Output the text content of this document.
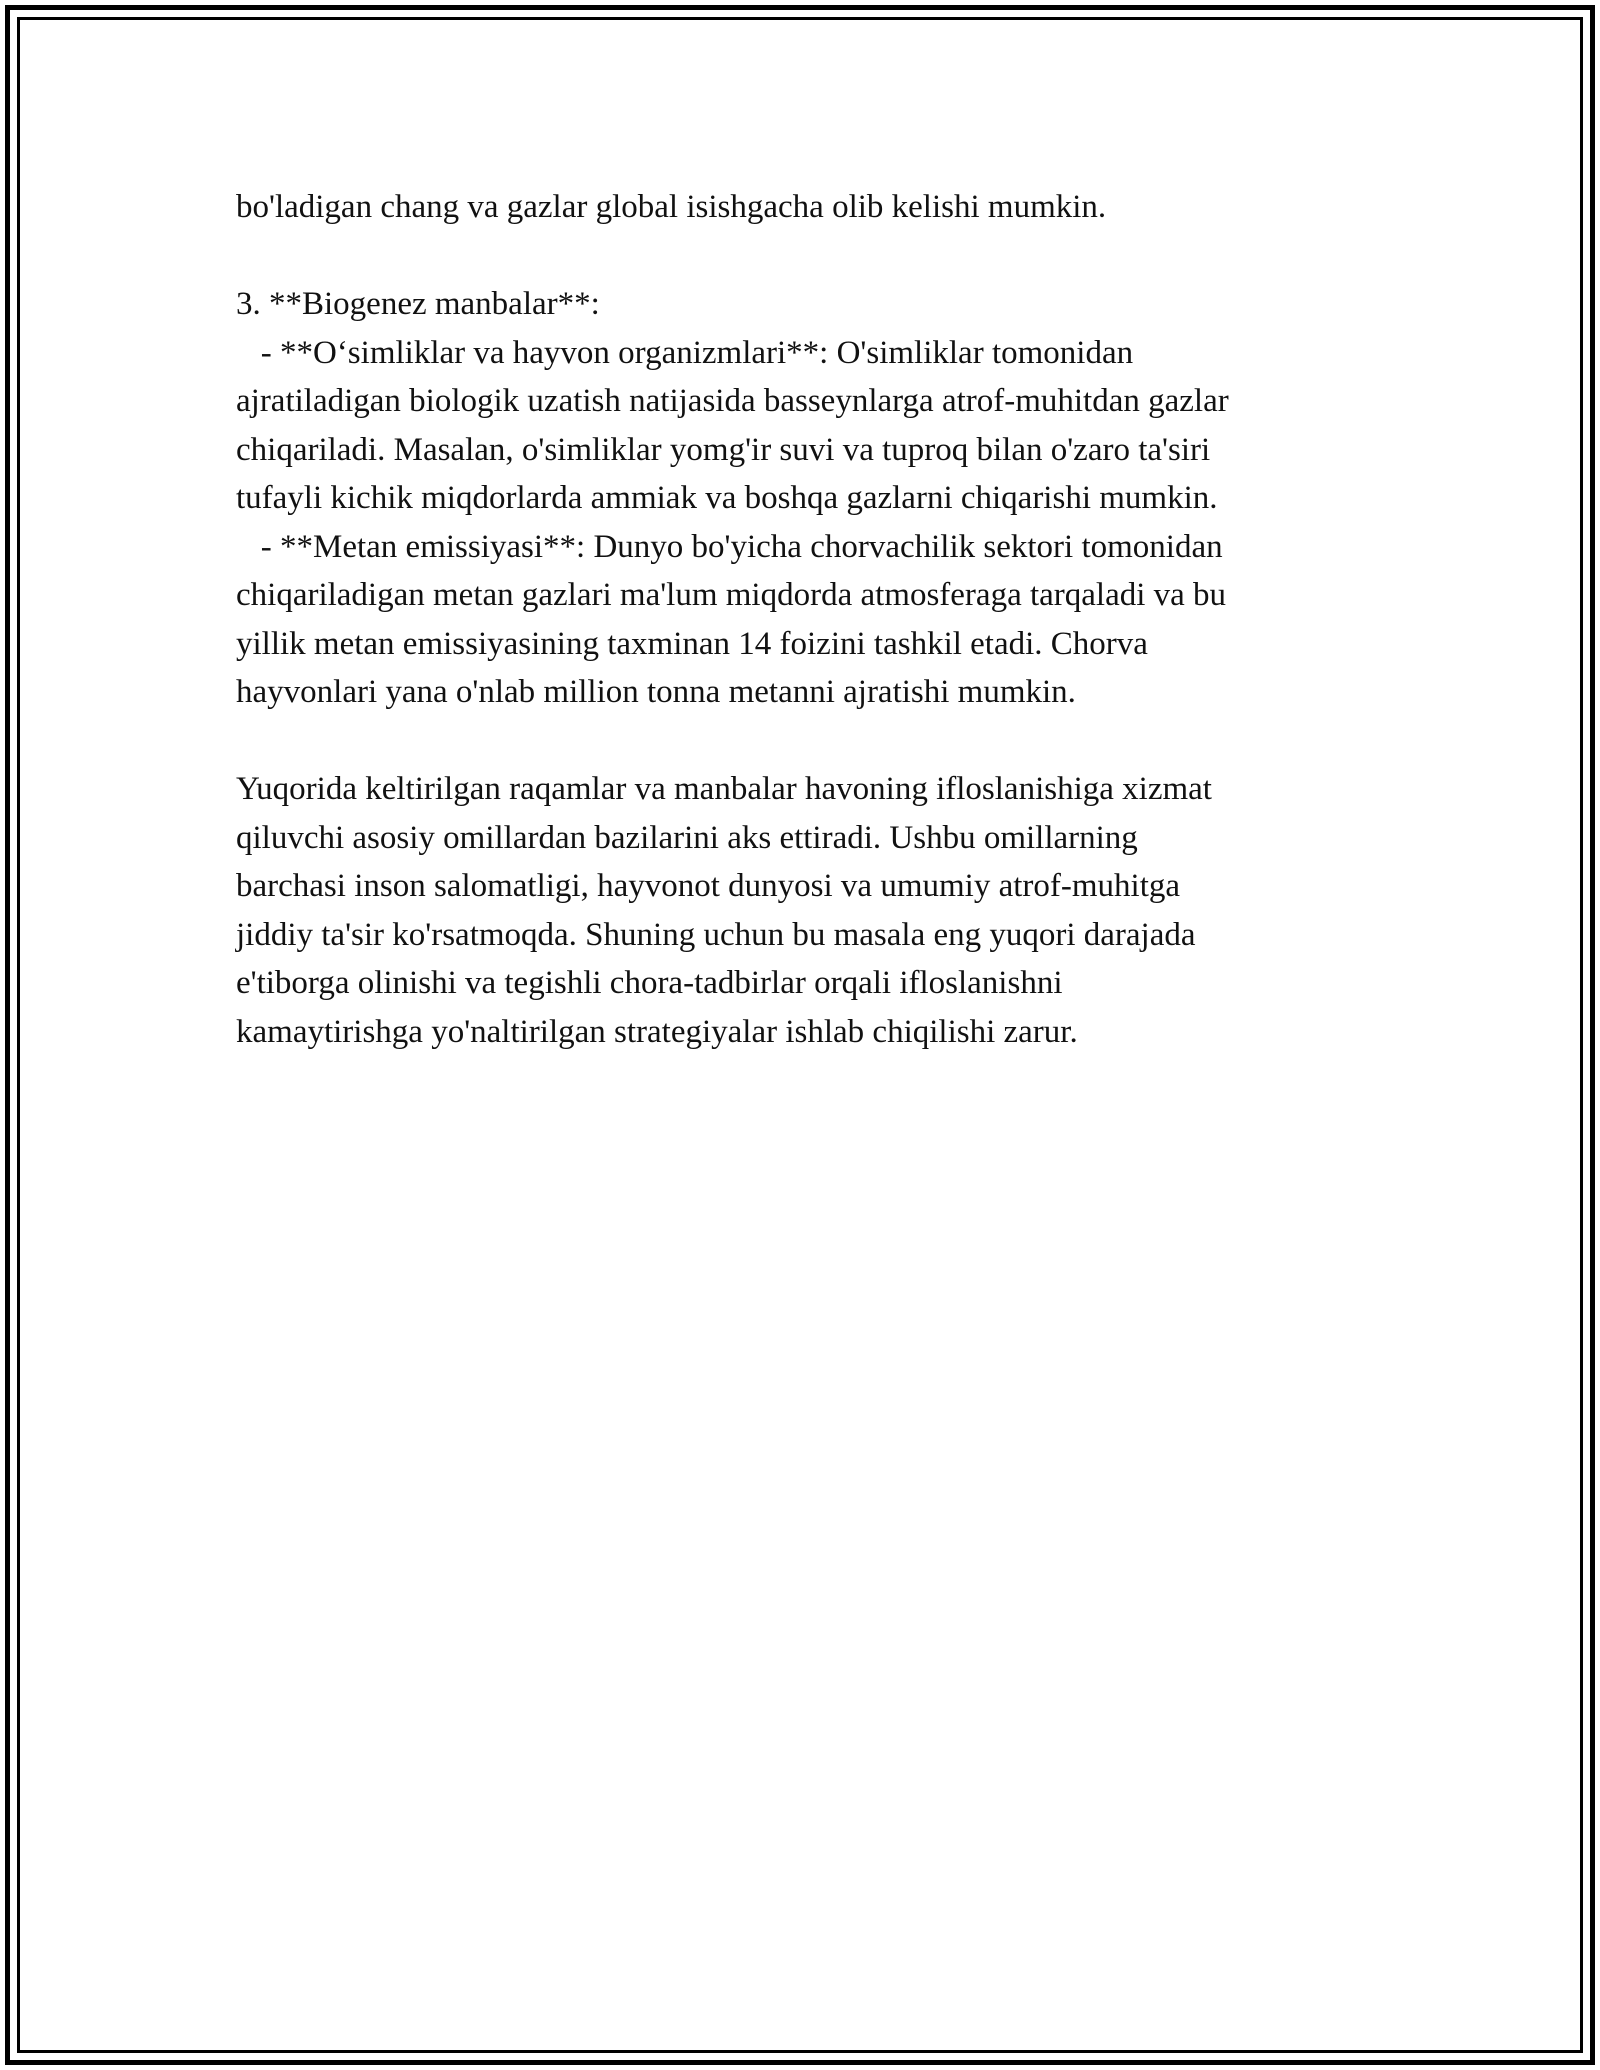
bo'ladigan chang va gazlar global isishgacha olib kelishi mumkin.
3. **Biogenez manbalar**:
- **O‘simliklar va hayvon organizmlari**: O'simliklar tomonidan
ajratiladigan biologik uzatish natijasida basseynlarga atrof-muhitdan gazlar
chiqariladi. Masalan, o'simliklar yomg'ir suvi va tuproq bilan o'zaro ta'siri
tufayli kichik miqdorlarda ammiak va boshqa gazlarni chiqarishi mumkin.
- **Metan emissiyasi**: Dunyo bo'yicha chorvachilik sektori tomonidan
chiqariladigan metan gazlari ma'lum miqdorda atmosferaga tarqaladi va bu
yillik metan emissiyasining taxminan 14 foizini tashkil etadi. Chorva
hayvonlari yana o'nlab million tonna metanni ajratishi mumkin.
Yuqorida keltirilgan raqamlar va manbalar havoning ifloslanishiga xizmat
qiluvchi asosiy omillardan bazilarini aks ettiradi. Ushbu omillarning
barchasi inson salomatligi, hayvonot dunyosi va umumiy atrof-muhitga
jiddiy ta'sir ko'rsatmoqda. Shuning uchun bu masala eng yuqori darajada
e'tiborga olinishi va tegishli chora-tadbirlar orqali ifloslanishni
kamaytirishga yo'naltirilgan strategiyalar ishlab chiqilishi zarur.
